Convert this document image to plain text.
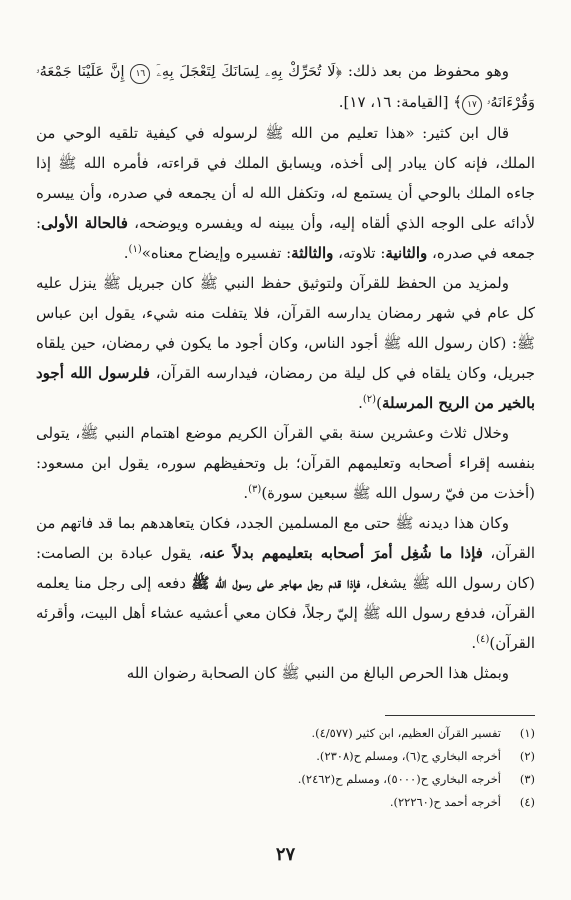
وهو محفوظ من بعد ذلك: ﴿لَا تُحَرِّكْ بِهِۦ لِسَانَكَ لِتَعْجَلَ بِهِۦٓ ١٦ إِنَّ عَلَيْنَا جَمْعَهُۥ وَقُرْءَانَهُۥ ١٧﴾ [القيامة: ١٦، ١٧].

قال ابن كثير: «هذا تعليم من الله ﷺ لرسوله في كيفية تلقيه الوحي من الملك، فإنه كان يبادر إلى أخذه، ويسابق الملك في قراءته، فأمره الله ﷺ إذا جاءه الملك بالوحي أن يستمع له، وتكفل الله له أن يجمعه في صدره، وأن ييسره لأدائه على الوجه الذي ألقاه إليه، وأن يبينه له ويفسره ويوضحه، فالحالة الأولى: جمعه في صدره، والثانية: تلاوته، والثالثة: تفسيره وإيضاح معناه»$^{(١)}$.

ولمزيد من الحفظ للقرآن ولتوثيق حفظ النبي ﷺ كان جبريل ﷺ ينزل عليه كل عام في شهر رمضان يدارسه القرآن، فلا يتفلت منه شيء، يقول ابن عباس ﷺ: (كان رسول الله ﷺ أجود الناس، وكان أجود ما يكون في رمضان، حين يلقاه جبريل، وكان يلقاه في كل ليلة من رمضان، فيدارسه القرآن، فلرسول الله أجود بالخير من الريح المرسلة)$^{(٢)}$.

وخلال ثلاث وعشرين سنة بقي القرآن الكريم موضع اهتمام النبي ﷺ، يتولى بنفسه إقراء أصحابه وتعليمهم القرآن؛ بل وتحفيظهم سوره، يقول ابن مسعود: (أخذت من فيّ رسول الله ﷺ سبعين سورة)$^{(٣)}$.

وكان هذا ديدنه ﷺ حتى مع المسلمين الجدد، فكان يتعاهدهم بما قد فاتهم من القرآن، فإذا ما شُغِل أمرَ أصحابه بتعليمهم بدلاً عنه، يقول عبادة بن الصامت: (كان رسول الله ﷺ يشغل، فإذا قدم رجل مهاجر على رسول الله ﷺ دفعه إلى رجل منا يعلمه القرآن، فدفع رسول الله ﷺ إليّ رجلاً، فكان معي أعشيه عشاء أهل البيت، وأقرئه القرآن)$^{(٤)}$.

وبمثل هذا الحرص البالغ من النبي ﷺ كان الصحابة رضوان الله

(١)
تفسير القرآن العظيم، ابن كثير (٤/٥٧٧).
(٢)
أخرجه البخاري ح(٦)، ومسلم ح(٢٣٠٨).
(٣)
أخرجه البخاري ح(٥٠٠٠)، ومسلم ح(٢٤٦٢).
(٤)
أخرجه أحمد ح(٢٢٢٦٠).
٢٧
